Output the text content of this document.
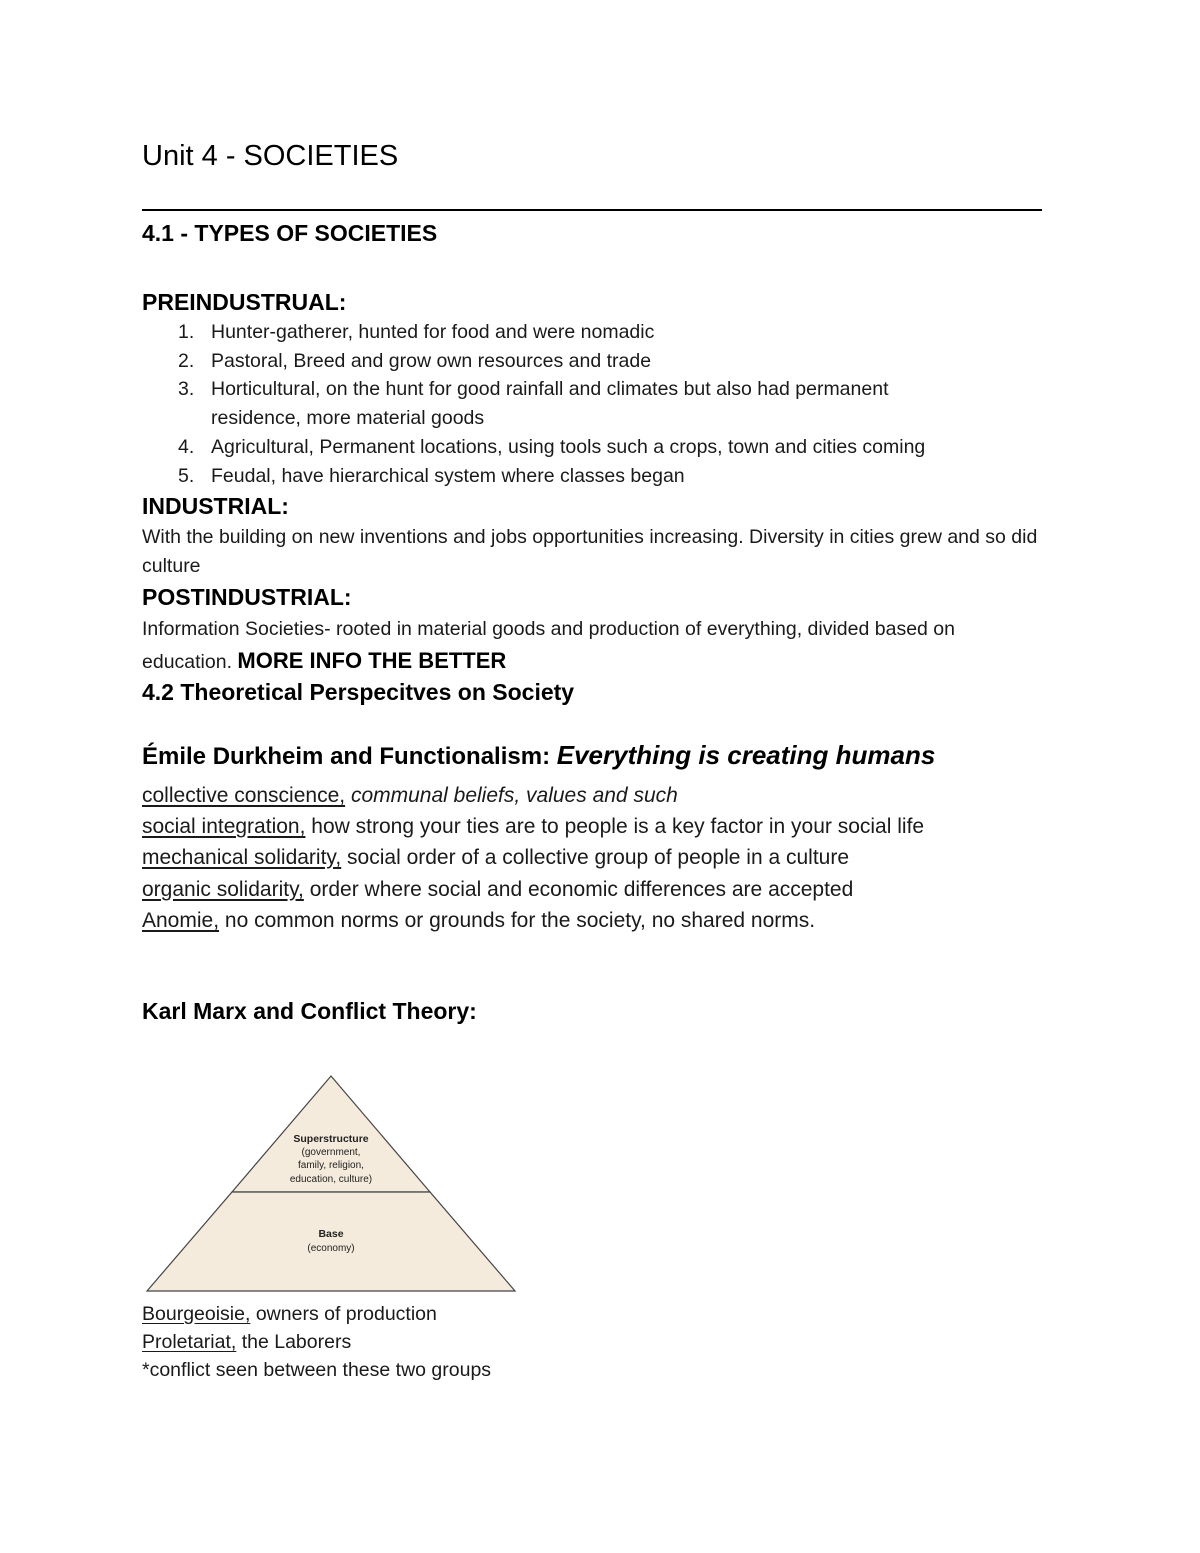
Unit 4 - SOCIETIES
4.1 - TYPES OF SOCIETIES
PREINDUSTRUAL:
1. Hunter-gatherer, hunted for food and were nomadic
2. Pastoral, Breed and grow own resources and trade
3. Horticultural, on the hunt for good rainfall and climates but also had permanent residence, more material goods
4. Agricultural, Permanent locations, using tools such a crops, town and cities coming
5. Feudal, have hierarchical system where classes began
INDUSTRIAL:
With the building on new inventions and jobs opportunities increasing. Diversity in cities grew and so did culture
POSTINDUSTRIAL:
Information Societies- rooted in material goods and production of everything, divided based on education. MORE INFO THE BETTER
4.2 Theoretical Perspecitves on Society
Émile Durkheim and Functionalism: Everything is creating humans
collective conscience, communal beliefs, values and such
social integration, how strong your ties are to people is a key factor in your social life
mechanical solidarity, social order of a collective group of people in a culture
organic solidarity, order where social and economic differences are accepted
Anomie, no common norms or grounds for the society, no shared norms.
Karl Marx and Conflict Theory:
Bourgeoisie, owners of production
Proletariat, the Laborers
*conflict seen between these two groups
Superstructure
(government,
family, religion,
education, culture)
Base
(economy)
